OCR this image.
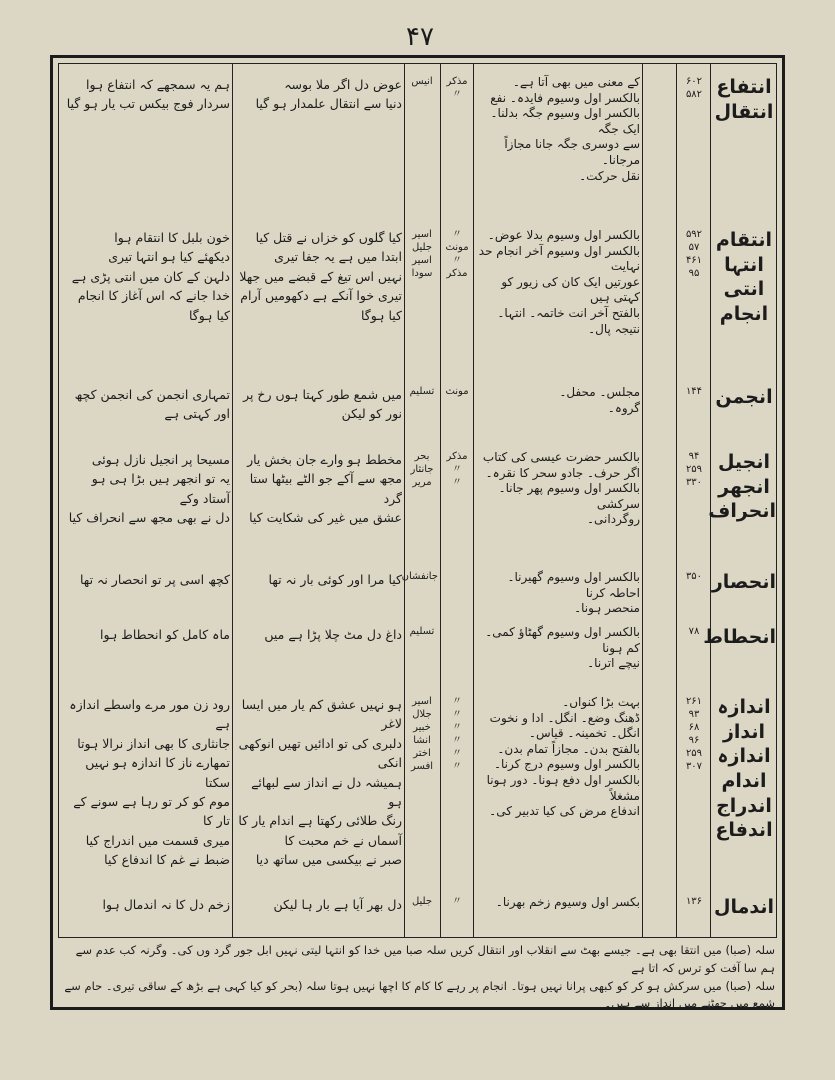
۴۷
انتفاع
انتقال
۶۰۲
۵۸۲
کے معنی میں بھی آتا ہے۔
بالکسر اول وسیوم فایدہ۔ نفع
بالکسر اول وسیوم جگہ بدلنا۔ ایک جگہ
سے دوسری جگہ جانا مجازاً مرجانا۔
نقل حرکت۔
مذکر
〃
انیس
عوض دل اگر ملا بوسہ
دنیا سے انتقال علمدار ہو گیا
ہم یہ سمجھے کہ انتفاع ہوا
سردار فوج بیکس تب یار ہو گیا
انتقام
انتہا
انتی
انجام
۵۹۲
۵۷
۴۶۱
۹۵
بالکسر اول وسیوم بدلا عوض۔
بالکسر اول وسیوم آخر انجام حد نہایت
عورتیں ایک کان کی زیور کو کہتی ہیں
بالفتح آخر انت خاتمہ۔ انتہا۔
نتیجہ پال۔
〃
مونث
〃
مذکر
اسیر
جلیل
اسیر
سودا
کیا گلوں کو خزاں نے قتل کیا
ابتدا میں ہے یہ جفا تیری
نہیں اس تیغ کے قبضے میں جھلا
تیری خوا آنکے ہے دکھومیں آرام کیا ہوگا
خون بلبل کا انتقام ہوا
دیکھئے کیا ہو انتہا تیری
دلہن کے کان میں انتی پڑی ہے
خدا جانے کہ اس آغاز کا انجام کیا ہوگا
انجمن
۱۴۴
مجلس۔ محفل۔
گروہ۔
مونث
تسلیم
میں شمع طور کہتا ہوں رخ پر نور کو لیکن
تمہاری انجمن کی انجمن کچھ اور کہتی ہے
انجیل
انجھر
انحراف
۹۴
۲۵۹
۳۳۰
بالکسر حضرت عیسی کی کتاب
اگر حرف۔ جادو سحر کا نقرہ۔
بالکسر اول وسیوم پھر جانا۔ سرکشی
روگردانی۔
مذکر
〃
〃
بحر
جانثار
مریر
مخطط ہو وارے جان بخش یار
مجھ سے آکے جو الٹے بیٹھا ستا گرد
عشق میں غیر کی شکایت کیا
مسیحا پر انجیل نازل ہوئی
یہ تو انجھر ہیں بڑا ہی ہو آستاد وکے
دل نے بھی مجھ سے انحراف کیا
انحصار
۳۵۰
بالکسر اول وسیوم گھیرنا۔ احاطہ کرنا
منحصر ہونا۔
جانفشاں
کیا مرا اور کوئی بار نہ تھا
کچھ اسی پر تو انحصار نہ تھا
انحطاط
۷۸
بالکسر اول وسیوم گھٹاؤ کمی۔ کم ہونا
نیچے اترنا۔
تسلیم
داغ دل مٹ چلا پڑا ہے میں
ماہ کامل کو انحطاط ہوا
اندازہ
انداز
اندازہ
اندام
اندراج
اندفاع
۲۶۱
۹۳
۶۸
۹۶
۲۵۹
۳۰۷
بہت بڑا کنواں۔
ڈھنگ وضع۔ انگل۔ ادا و نخوت
انگل۔ تخمینہ۔ قیاس۔
بالفتح بدن۔ مجازاً تمام بدن۔
بالکسر اول وسیوم درج کرنا۔
بالکسر اول دفع ہونا۔ دور ہونا مشغلاً
اندفاع مرض کی کیا تدبیر کی۔
〃
〃
〃
〃
〃
〃
اسیر
جلال
خبیر
انشا
اختر
افسر
ہو نہیں عشق کم یار میں ایسا لاغر
دلبری کی تو ادائیں تھیں انوکھی انکی
ہمیشہ دل نے انداز سے لبھائے ہو
رنگ طلائی رکھتا ہے اندام یار کا
آسماں نے خم محبت کا
صبر نے بیکسی میں ساتھ دیا
رود زن مور مرے واسطے اندازہ ہے
جانثاری کا بھی انداز نرالا ہوتا
تمھارے ناز کا اندازہ ہو نہیں سکتا
موم کو کر تو رہا ہے سونے کے تار کا
میری قسمت میں اندراج کیا
ضبط نے غم کا اندفاع کیا
اندمال
۱۳۶
بکسر اول وسیوم زخم بھرنا۔
〃
جلیل
دل بھر آیا ہے بار ہا لیکن
زخم دل کا نہ اندمال ہوا
سلہ (صبا) میں انتقا بھی ہے۔ جیسے بھٹ سے انقلاب اور انتقال کریں سلہ صبا میں خدا کو انتہا لیتی نہیں ابل جور گرد وں کی۔ وگرنہ کب عدم سے ہم سا آفت کو ترس کہ اتا ہے
سلہ (صبا) میں سرکش ہو کر کو کبھی پرانا نہیں ہوتا۔ انجام پر رہے کا کام کا اچھا نہیں ہوتا سلہ (بحر کو کیا کہی ہے بڑھ کے ساقی تیری۔ حام سے شمع میں جھٹنے میں انداز سے ہیں۔
